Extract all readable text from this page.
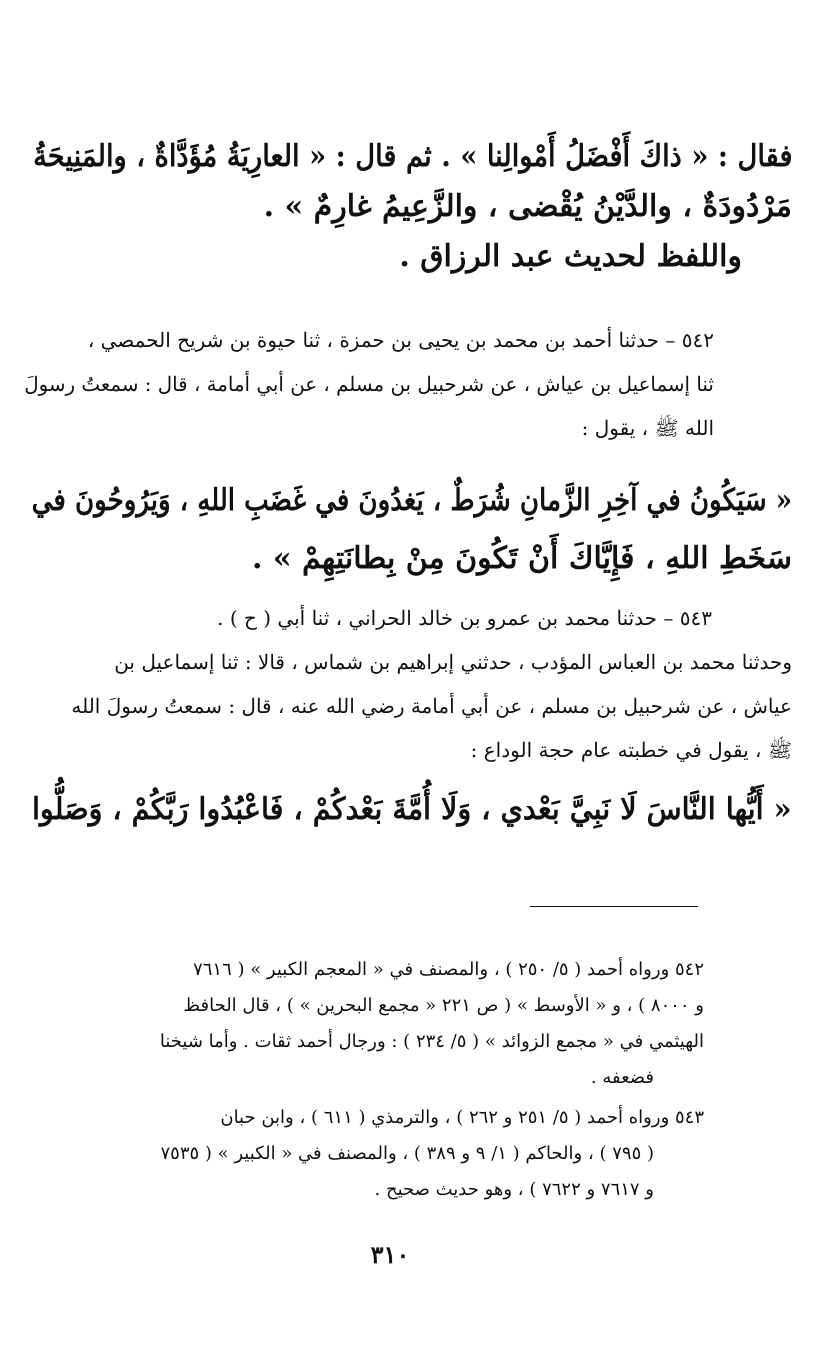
فقال : « ذاكَ أَفْضَلُ أَمْوالِنا » . ثم قال : « العارِيَةُ مُؤَدَّاةٌ ، والمَنِيحَةُ
مَرْدُودَةٌ ، والدَّيْنُ يُقْضى ، والزَّعِيمُ غارِمٌ » .
واللفظ لحديث عبد الرزاق .
٥٤٢ – حدثنا أحمد بن محمد بن يحيى بن حمزة ، ثنا حيوة بن شريح الحمصي ،
ثنا إسماعيل بن عياش ، عن شرحبيل بن مسلم ، عن أبي أمامة ، قال : سمعتُ رسولَ
الله ﷺ ، يقول :
« سَيَكُونُ في آخِرِ الزَّمانِ شُرَطٌ ، يَغدُونَ في غَضَبِ اللهِ ، وَيَرُوحُونَ في
سَخَطِ اللهِ ، فَإِيَّاكَ أَنْ تَكُونَ مِنْ بِطانَتِهِمْ » .
٥٤٣ – حدثنا محمد بن عمرو بن خالد الحراني ، ثنا أبي ( ح ) .
وحدثنا محمد بن العباس المؤدب ، حدثني إبراهيم بن شماس ، قالا : ثنا إسماعيل بن
عياش ، عن شرحبيل بن مسلم ، عن أبي أمامة رضي الله عنه ، قال : سمعتُ رسولَ الله
ﷺ ، يقول في خطبته عام حجة الوداع :
« أَيُّها النَّاسَ لَا نَبِيَّ بَعْدي ، وَلَا أُمَّةَ بَعْدكُمْ ، فَاعْبُدُوا رَبَّكُمْ ، وَصَلُّوا
٥٤٢ ورواه أحمد ( ٥/ ٢٥٠ ) ، والمصنف في « المعجم الكبير » ( ٧٦١٦
و ٨٠٠٠ ) ، و « الأوسط » ( ص ٢٢١ « مجمع البحرين » ) ، قال الحافظ
الهيثمي في « مجمع الزوائد » ( ٥/ ٢٣٤ ) : ورجال أحمد ثقات . وأما شيخنا
فضعفه .
٥٤٣ ورواه أحمد ( ٥/ ٢٥١ و ٢٦٢ ) ، والترمذي ( ٦١١ ) ، وابن حبان
( ٧٩٥ ) ، والحاكم ( ١/ ٩ و ٣٨٩ ) ، والمصنف في « الكبير » ( ٧٥٣٥
و ٧٦١٧ و ٧٦٢٢ ) ، وهو حديث صحيح .
٣١٠
